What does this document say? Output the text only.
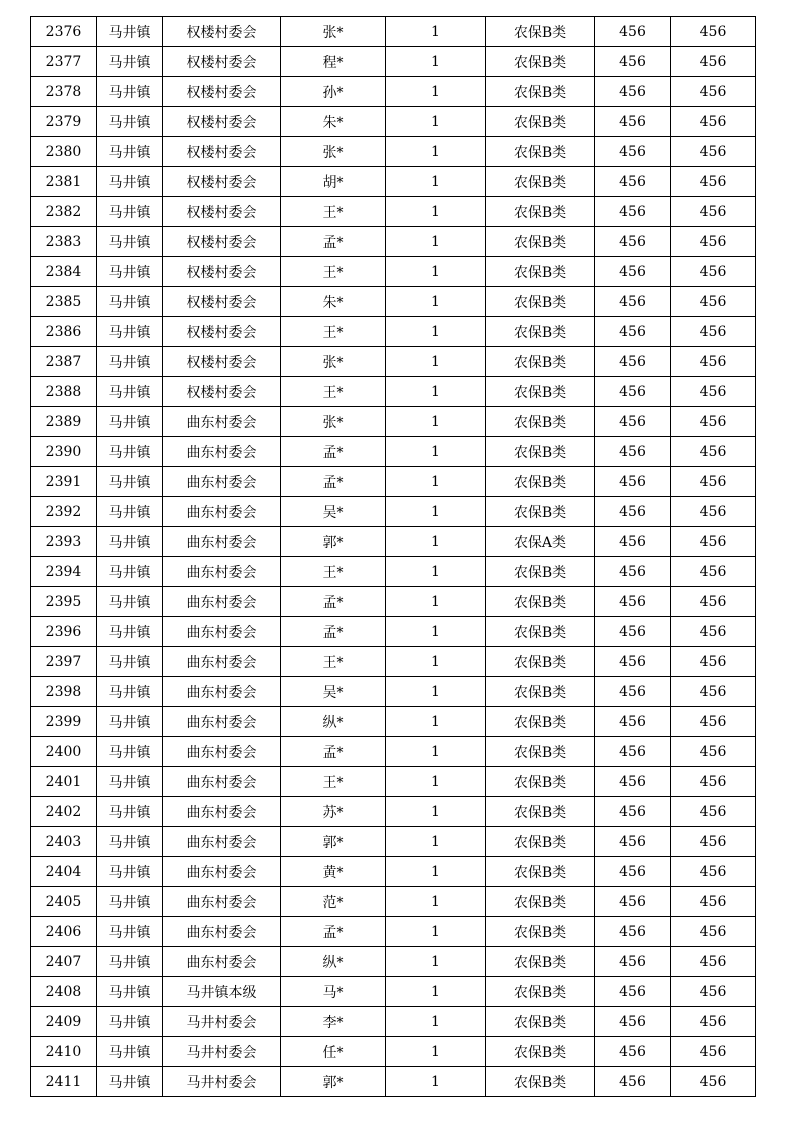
2376	马井镇	权楼村委会	张*	1	农保B类	456	456
2377	马井镇	权楼村委会	程*	1	农保B类	456	456
2378	马井镇	权楼村委会	孙*	1	农保B类	456	456
2379	马井镇	权楼村委会	朱*	1	农保B类	456	456
2380	马井镇	权楼村委会	张*	1	农保B类	456	456
2381	马井镇	权楼村委会	胡*	1	农保B类	456	456
2382	马井镇	权楼村委会	王*	1	农保B类	456	456
2383	马井镇	权楼村委会	孟*	1	农保B类	456	456
2384	马井镇	权楼村委会	王*	1	农保B类	456	456
2385	马井镇	权楼村委会	朱*	1	农保B类	456	456
2386	马井镇	权楼村委会	王*	1	农保B类	456	456
2387	马井镇	权楼村委会	张*	1	农保B类	456	456
2388	马井镇	权楼村委会	王*	1	农保B类	456	456
2389	马井镇	曲东村委会	张*	1	农保B类	456	456
2390	马井镇	曲东村委会	孟*	1	农保B类	456	456
2391	马井镇	曲东村委会	孟*	1	农保B类	456	456
2392	马井镇	曲东村委会	吴*	1	农保B类	456	456
2393	马井镇	曲东村委会	郭*	1	农保A类	456	456
2394	马井镇	曲东村委会	王*	1	农保B类	456	456
2395	马井镇	曲东村委会	孟*	1	农保B类	456	456
2396	马井镇	曲东村委会	孟*	1	农保B类	456	456
2397	马井镇	曲东村委会	王*	1	农保B类	456	456
2398	马井镇	曲东村委会	吴*	1	农保B类	456	456
2399	马井镇	曲东村委会	纵*	1	农保B类	456	456
2400	马井镇	曲东村委会	孟*	1	农保B类	456	456
2401	马井镇	曲东村委会	王*	1	农保B类	456	456
2402	马井镇	曲东村委会	苏*	1	农保B类	456	456
2403	马井镇	曲东村委会	郭*	1	农保B类	456	456
2404	马井镇	曲东村委会	黄*	1	农保B类	456	456
2405	马井镇	曲东村委会	范*	1	农保B类	456	456
2406	马井镇	曲东村委会	孟*	1	农保B类	456	456
2407	马井镇	曲东村委会	纵*	1	农保B类	456	456
2408	马井镇	马井镇本级	马*	1	农保B类	456	456
2409	马井镇	马井村委会	李*	1	农保B类	456	456
2410	马井镇	马井村委会	任*	1	农保B类	456	456
2411	马井镇	马井村委会	郭*	1	农保B类	456	456
